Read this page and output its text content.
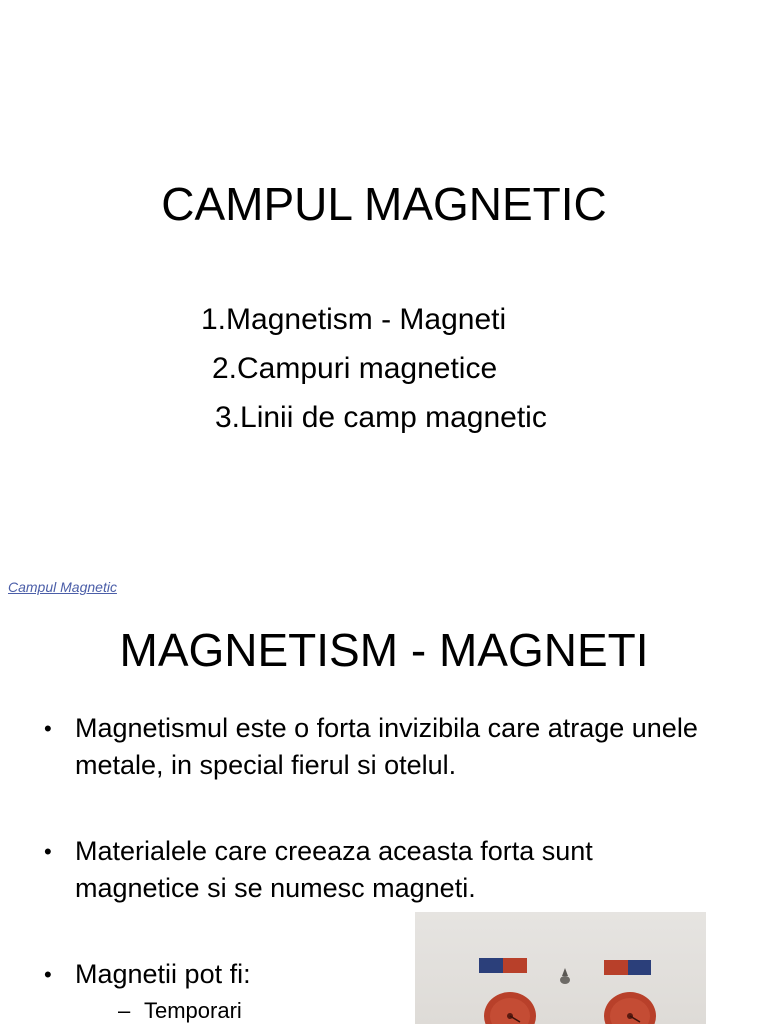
CAMPUL MAGNETIC
1.Magnetism - Magneti
2.Campuri magnetice
3.Linii de camp magnetic
Campul Magnetic
MAGNETISM - MAGNETI
• Magnetismul este o forta invizibila care atrage unele metale, in special fierul si otelul.
• Materialele care creeaza aceasta forta sunt magnetice si se numesc magneti.
• Magnetii pot fi:
– Temporari
